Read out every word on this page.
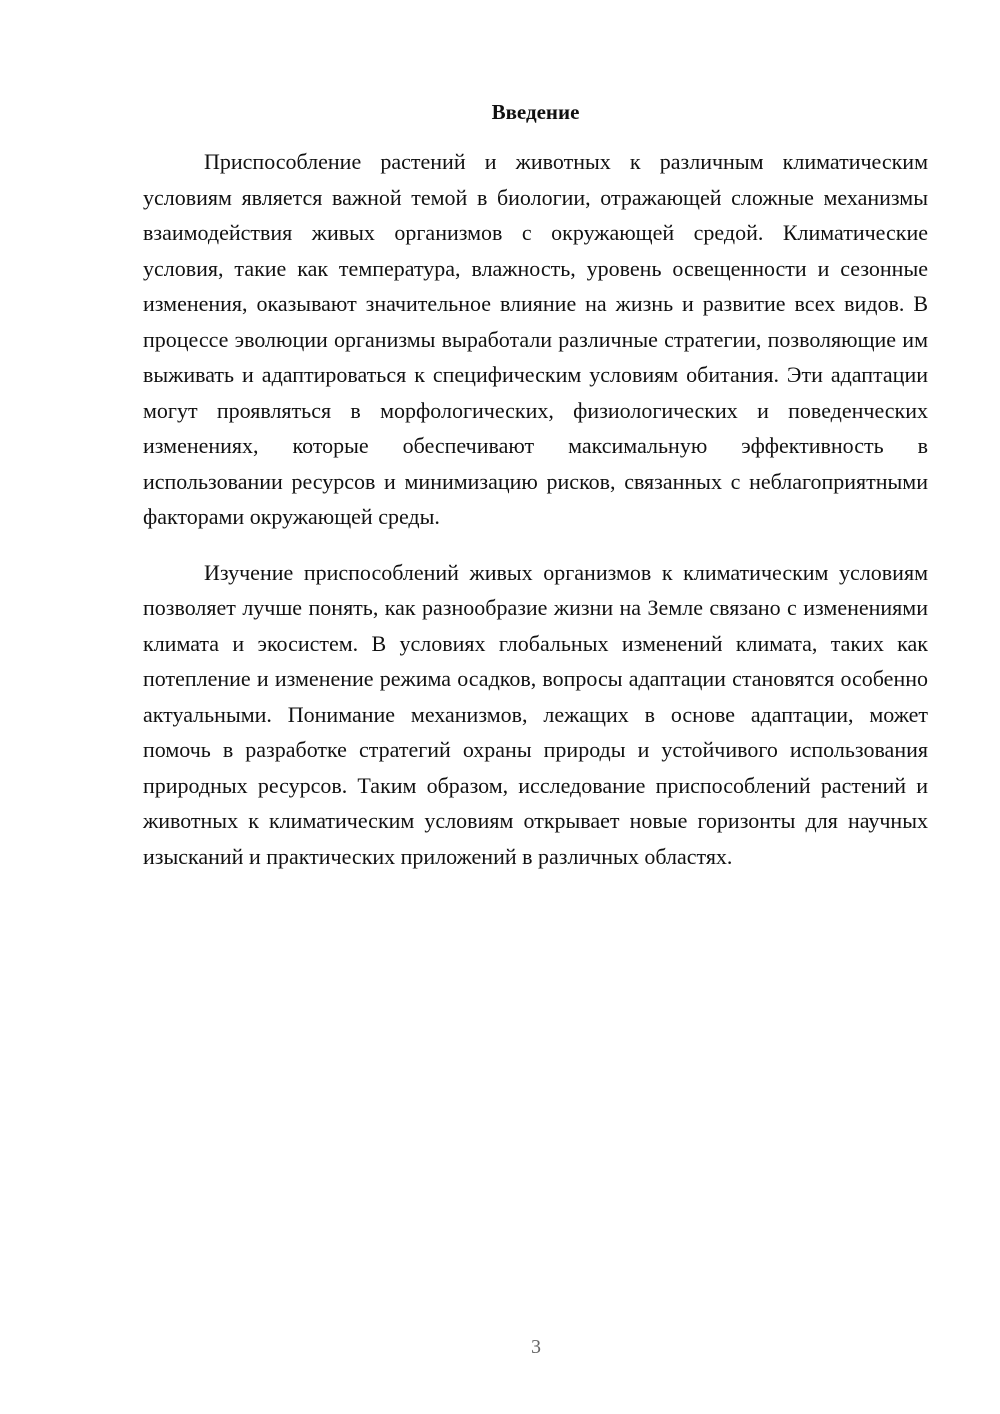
Введение

Приспособление растений и животных к различным климатическим условиям является важной темой в биологии, отражающей сложные механизмы взаимодействия живых организмов с окружающей средой. Климатические условия, такие как температура, влажность, уровень освещенности и сезонные изменения, оказывают значительное влияние на жизнь и развитие всех видов. В процессе эволюции организмы выработали различные стратегии, позволяющие им выживать и адаптироваться к специфическим условиям обитания. Эти адаптации могут проявляться в морфологических, физиологических и поведенческих изменениях, которые обеспечивают максимальную эффективность в использовании ресурсов и минимизацию рисков, связанных с неблагоприятными факторами окружающей среды.

Изучение приспособлений живых организмов к климатическим условиям позволяет лучше понять, как разнообразие жизни на Земле связано с изменениями климата и экосистем. В условиях глобальных изменений климата, таких как потепление и изменение режима осадков, вопросы адаптации становятся особенно актуальными. Понимание механизмов, лежащих в основе адаптации, может помочь в разработке стратегий охраны природы и устойчивого использования природных ресурсов. Таким образом, исследование приспособлений растений и животных к климатическим условиям открывает новые горизонты для научных изысканий и практических приложений в различных областях.

3
